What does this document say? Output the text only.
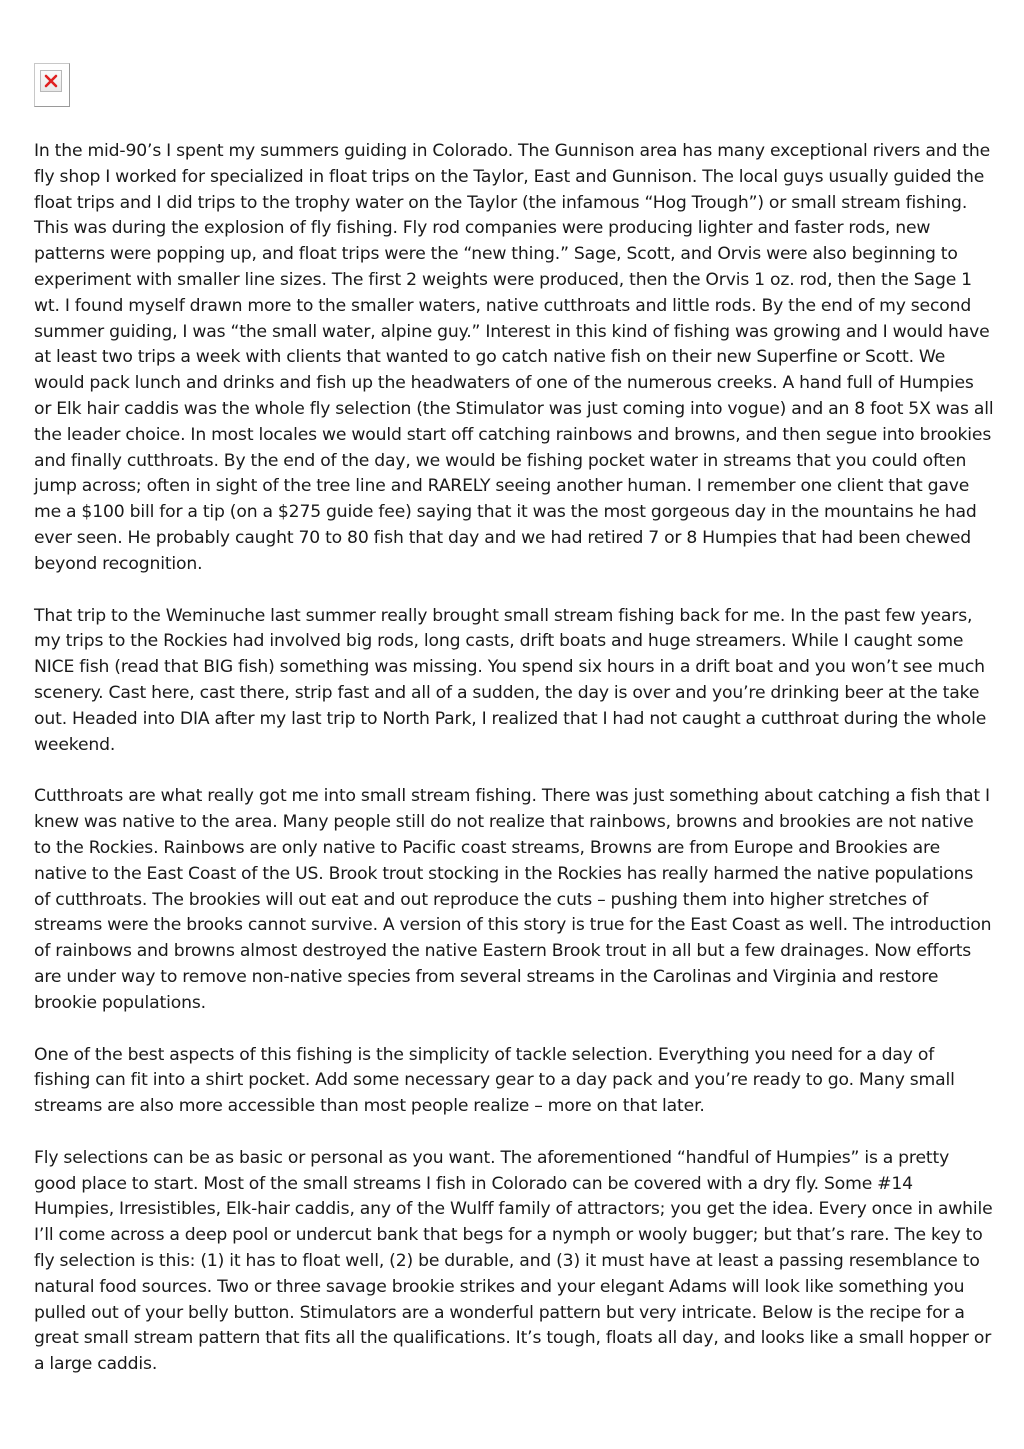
In the mid-90’s I spent my summers guiding in Colorado. The Gunnison area has many exceptional rivers and the fly shop I worked for specialized in float trips on the Taylor, East and Gunnison. The local guys usually guided the float trips and I did trips to the trophy water on the Taylor (the infamous “Hog Trough”) or small stream fishing. This was during the explosion of fly fishing. Fly rod companies were producing lighter and faster rods, new patterns were popping up, and float trips were the “new thing.” Sage, Scott, and Orvis were also beginning to experiment with smaller line sizes. The first 2 weights were produced, then the Orvis 1 oz. rod, then the Sage 1 wt. I found myself drawn more to the smaller waters, native cutthroats and little rods. By the end of my second summer guiding, I was “the small water, alpine guy.” Interest in this kind of fishing was growing and I would have at least two trips a week with clients that wanted to go catch native fish on their new Superfine or Scott. We would pack lunch and drinks and fish up the headwaters of one of the numerous creeks. A hand full of Humpies or Elk hair caddis was the whole fly selection (the Stimulator was just coming into vogue) and an 8 foot 5X was all the leader choice. In most locales we would start off catching rainbows and browns, and then segue into brookies and finally cutthroats. By the end of the day, we would be fishing pocket water in streams that you could often jump across; often in sight of the tree line and RARELY seeing another human. I remember one client that gave me a $100 bill for a tip (on a $275 guide fee) saying that it was the most gorgeous day in the mountains he had ever seen. He probably caught 70 to 80 fish that day and we had retired 7 or 8 Humpies that had been chewed beyond recognition.

That trip to the Weminuche last summer really brought small stream fishing back for me. In the past few years, my trips to the Rockies had involved big rods, long casts, drift boats and huge streamers. While I caught some NICE fish (read that BIG fish) something was missing. You spend six hours in a drift boat and you won’t see much scenery. Cast here, cast there, strip fast and all of a sudden, the day is over and you’re drinking beer at the take out. Headed into DIA after my last trip to North Park, I realized that I had not caught a cutthroat during the whole weekend.

Cutthroats are what really got me into small stream fishing. There was just something about catching a fish that I knew was native to the area. Many people still do not realize that rainbows, browns and brookies are not native to the Rockies. Rainbows are only native to Pacific coast streams, Browns are from Europe and Brookies are native to the East Coast of the US. Brook trout stocking in the Rockies has really harmed the native populations of cutthroats. The brookies will out eat and out reproduce the cuts – pushing them into higher stretches of streams were the brooks cannot survive. A version of this story is true for the East Coast as well. The introduction of rainbows and browns almost destroyed the native Eastern Brook trout in all but a few drainages. Now efforts are under way to remove non-native species from several streams in the Carolinas and Virginia and restore brookie populations.

One of the best aspects of this fishing is the simplicity of tackle selection. Everything you need for a day of fishing can fit into a shirt pocket. Add some necessary gear to a day pack and you’re ready to go. Many small streams are also more accessible than most people realize – more on that later.

Fly selections can be as basic or personal as you want. The aforementioned “handful of Humpies” is a pretty good place to start. Most of the small streams I fish in Colorado can be covered with a dry fly. Some #14 Humpies, Irresistibles, Elk-hair caddis, any of the Wulff family of attractors; you get the idea. Every once in awhile I’ll come across a deep pool or undercut bank that begs for a nymph or wooly bugger; but that’s rare. The key to fly selection is this: (1) it has to float well, (2) be durable, and (3) it must have at least a passing resemblance to natural food sources. Two or three savage brookie strikes and your elegant Adams will look like something you pulled out of your belly button. Stimulators are a wonderful pattern but very intricate. Below is the recipe for a great small stream pattern that fits all the qualifications. It’s tough, floats all day, and looks like a small hopper or a large caddis.
